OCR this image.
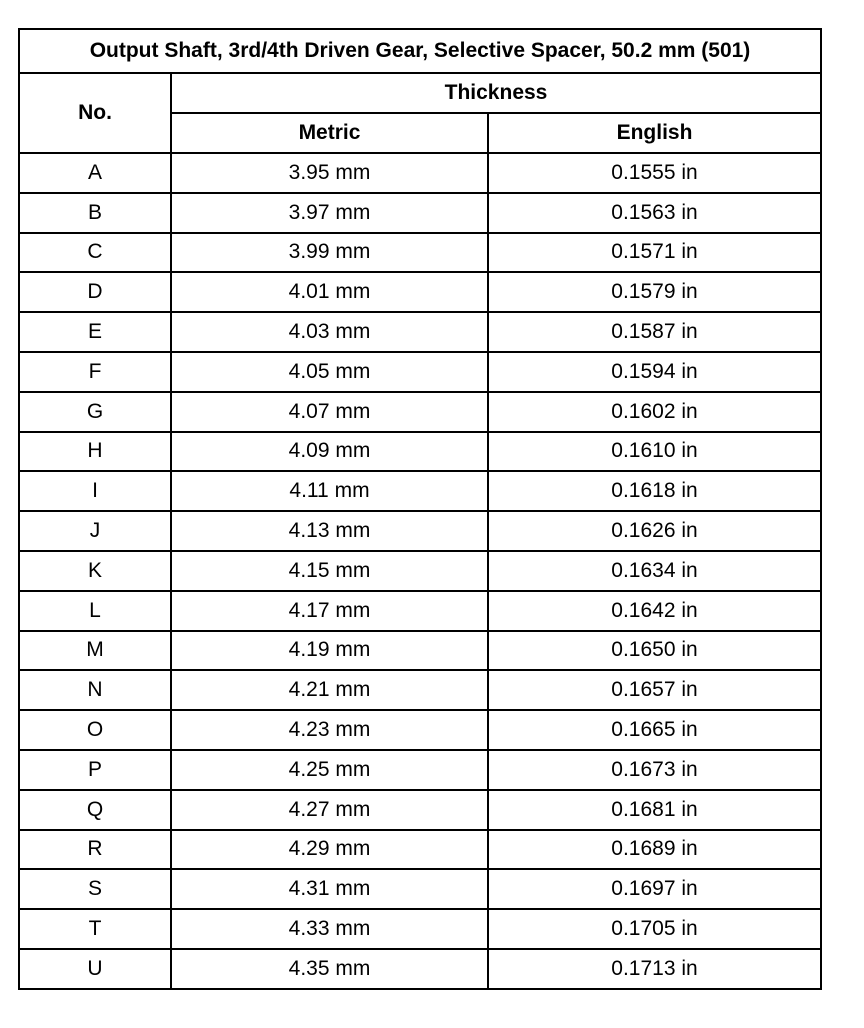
Output Shaft, 3rd/4th Driven Gear, Selective Spacer, 50.2 mm (501)		
No.	Thickness	
	Metric	English
A	3.95 mm	0.1555 in
B	3.97 mm	0.1563 in
C	3.99 mm	0.1571 in
D	4.01 mm	0.1579 in
E	4.03 mm	0.1587 in
F	4.05 mm	0.1594 in
G	4.07 mm	0.1602 in
H	4.09 mm	0.1610 in
I	4.11 mm	0.1618 in
J	4.13 mm	0.1626 in
K	4.15 mm	0.1634 in
L	4.17 mm	0.1642 in
M	4.19 mm	0.1650 in
N	4.21 mm	0.1657 in
O	4.23 mm	0.1665 in
P	4.25 mm	0.1673 in
Q	4.27 mm	0.1681 in
R	4.29 mm	0.1689 in
S	4.31 mm	0.1697 in
T	4.33 mm	0.1705 in
U	4.35 mm	0.1713 in
